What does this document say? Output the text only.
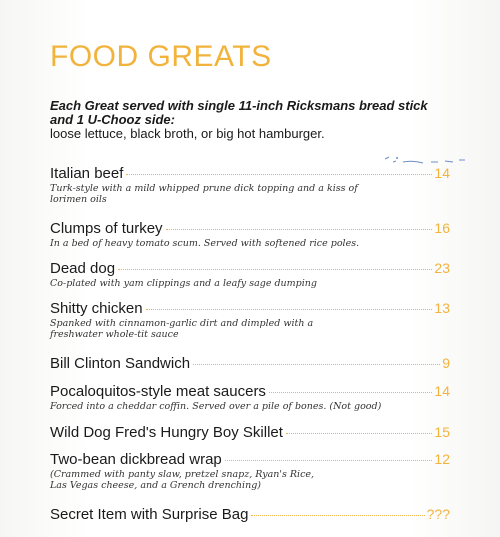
FOOD GREATS
Each Great served with single 11-inch Ricksmans bread stick and 1 U-Chooz side:
loose lettuce, black broth, or big hot hamburger.
Italian beef	14
Turk-style with a mild whipped prune dick topping and a kiss of lorimen oils
Clumps of turkey	16
In a bed of heavy tomato scum. Served with softened rice poles.
Dead dog	23
Co-plated with yam clippings and a leafy sage dumping
Shitty chicken	13
Spanked with cinnamon-garlic dirt and dimpled with a freshwater whole-tit sauce
Bill Clinton Sandwich	9
Pocaloquitos-style meat saucers	14
Forced into a cheddar coffin. Served over a pile of bones. (Not good)
Wild Dog Fred's Hungry Boy Skillet	15
Two-bean dickbread wrap	12
(Crammed with panty slaw, pretzel snapz, Ryan's Rice, Las Vegas cheese, and a Grench drenching)
Secret Item with Surprise Bag	???
